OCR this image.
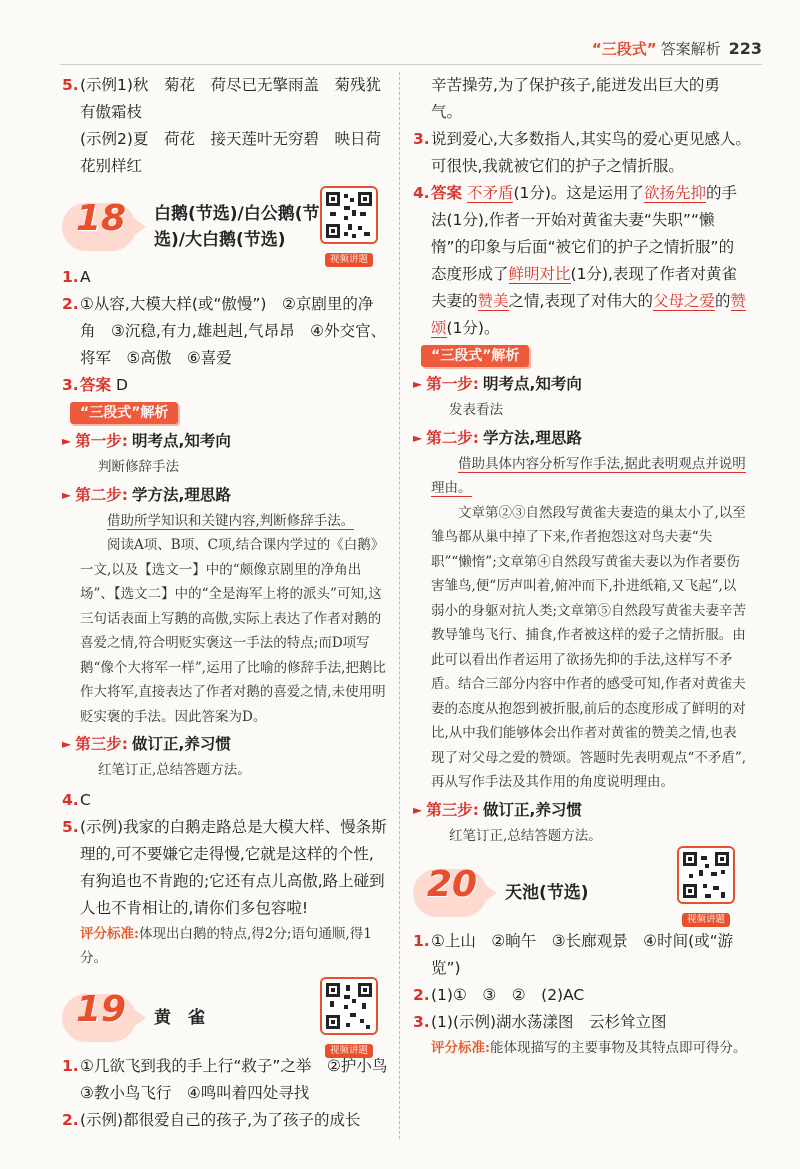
“三段式” 答案解析 223
5. (示例1)秋　菊花　荷尽已无擎雨盖　菊残犹有傲霜枝
(示例2)夏　荷花　接天莲叶无穷碧　映日荷花别样红
18 白鹅(节选)/白公鹅(节选)/大白鹅(节选)
视频讲题
1. A
2. ①从容,大模大样(或“傲慢”)　②京剧里的净角　③沉稳,有力,雄赳赳,气昂昂　④外交官、将军　⑤高傲　⑥喜爱
3. 答案 D
“三段式”解析
► 第一步: 明考点,知考向
判断修辞手法
► 第二步: 学方法,理思路
借助所学知识和关键内容,判断修辞手法。
阅读A项、B项、C项,结合课内学过的《白鹅》一文,以及【选文一】中的“颇像京剧里的净角出场”、【选文二】中的“全是海军上将的派头”可知,这三句话表面上写鹅的高傲,实际上表达了作者对鹅的喜爱之情,符合明贬实褒这一手法的特点;而D项写鹅“像个大将军一样”,运用了比喻的修辞手法,把鹅比作大将军,直接表达了作者对鹅的喜爱之情,未使用明贬实褒的手法。因此答案为D。
► 第三步: 做订正,养习惯
红笔订正,总结答题方法。
4. C
5. (示例)我家的白鹅走路总是大模大样、慢条斯理的,可不要嫌它走得慢,它就是这样的个性,有狗追也不肯跑的;它还有点儿高傲,路上碰到人也不肯相让的,请你们多包容啦!
评分标准:体现出白鹅的特点,得2分;语句通顺,得1分。
19 黄　雀
视频讲题
1. ①几欲飞到我的手上行“救子”之举　②护小鸟　③教小鸟飞行　④鸣叫着四处寻找
2. (示例)都很爱自己的孩子,为了孩子的成长
辛苦操劳,为了保护孩子,能迸发出巨大的勇气。
3. 说到爱心,大多数指人,其实鸟的爱心更见感人。　可很快,我就被它们的护子之情折服。
4. 答案 不矛盾(1分)。这是运用了欲扬先抑的手法(1分),作者一开始对黄雀夫妻“失职”“懒惰”的印象与后面“被它们的护子之情折服”的态度形成了鲜明对比(1分),表现了作者对黄雀夫妻的赞美之情,表现了对伟大的父母之爱的赞颂(1分)。
“三段式”解析
► 第一步: 明考点,知考向
发表看法
► 第二步: 学方法,理思路
借助具体内容分析写作手法,据此表明观点并说明理由。
文章第②③自然段写黄雀夫妻造的巢太小了,以至雏鸟都从巢中掉了下来,作者抱怨这对鸟夫妻“失职”“懒惰”;文章第④自然段写黄雀夫妻以为作者要伤害雏鸟,便“厉声叫着,俯冲而下,扑进纸箱,又飞起”,以弱小的身躯对抗人类;文章第⑤自然段写黄雀夫妻辛苦教导雏鸟飞行、捕食,作者被这样的爱子之情折服。由此可以看出作者运用了欲扬先抑的手法,这样写不矛盾。结合三部分内容中作者的感受可知,作者对黄雀夫妻的态度从抱怨到被折服,前后的态度形成了鲜明的对比,从中我们能够体会出作者对黄雀的赞美之情,也表现了对父母之爱的赞颂。答题时先表明观点“不矛盾”,再从写作手法及其作用的角度说明理由。
► 第三步: 做订正,养习惯
红笔订正,总结答题方法。
20 天池(节选)
视频讲题
1. ①上山　②晌午　③长廊观景　④时间(或“游览”)
2. (1)①　③　②　(2)AC
3. (1)(示例)湖水荡漾图　云杉耸立图
评分标准:能体现描写的主要事物及其特点即可得分。
